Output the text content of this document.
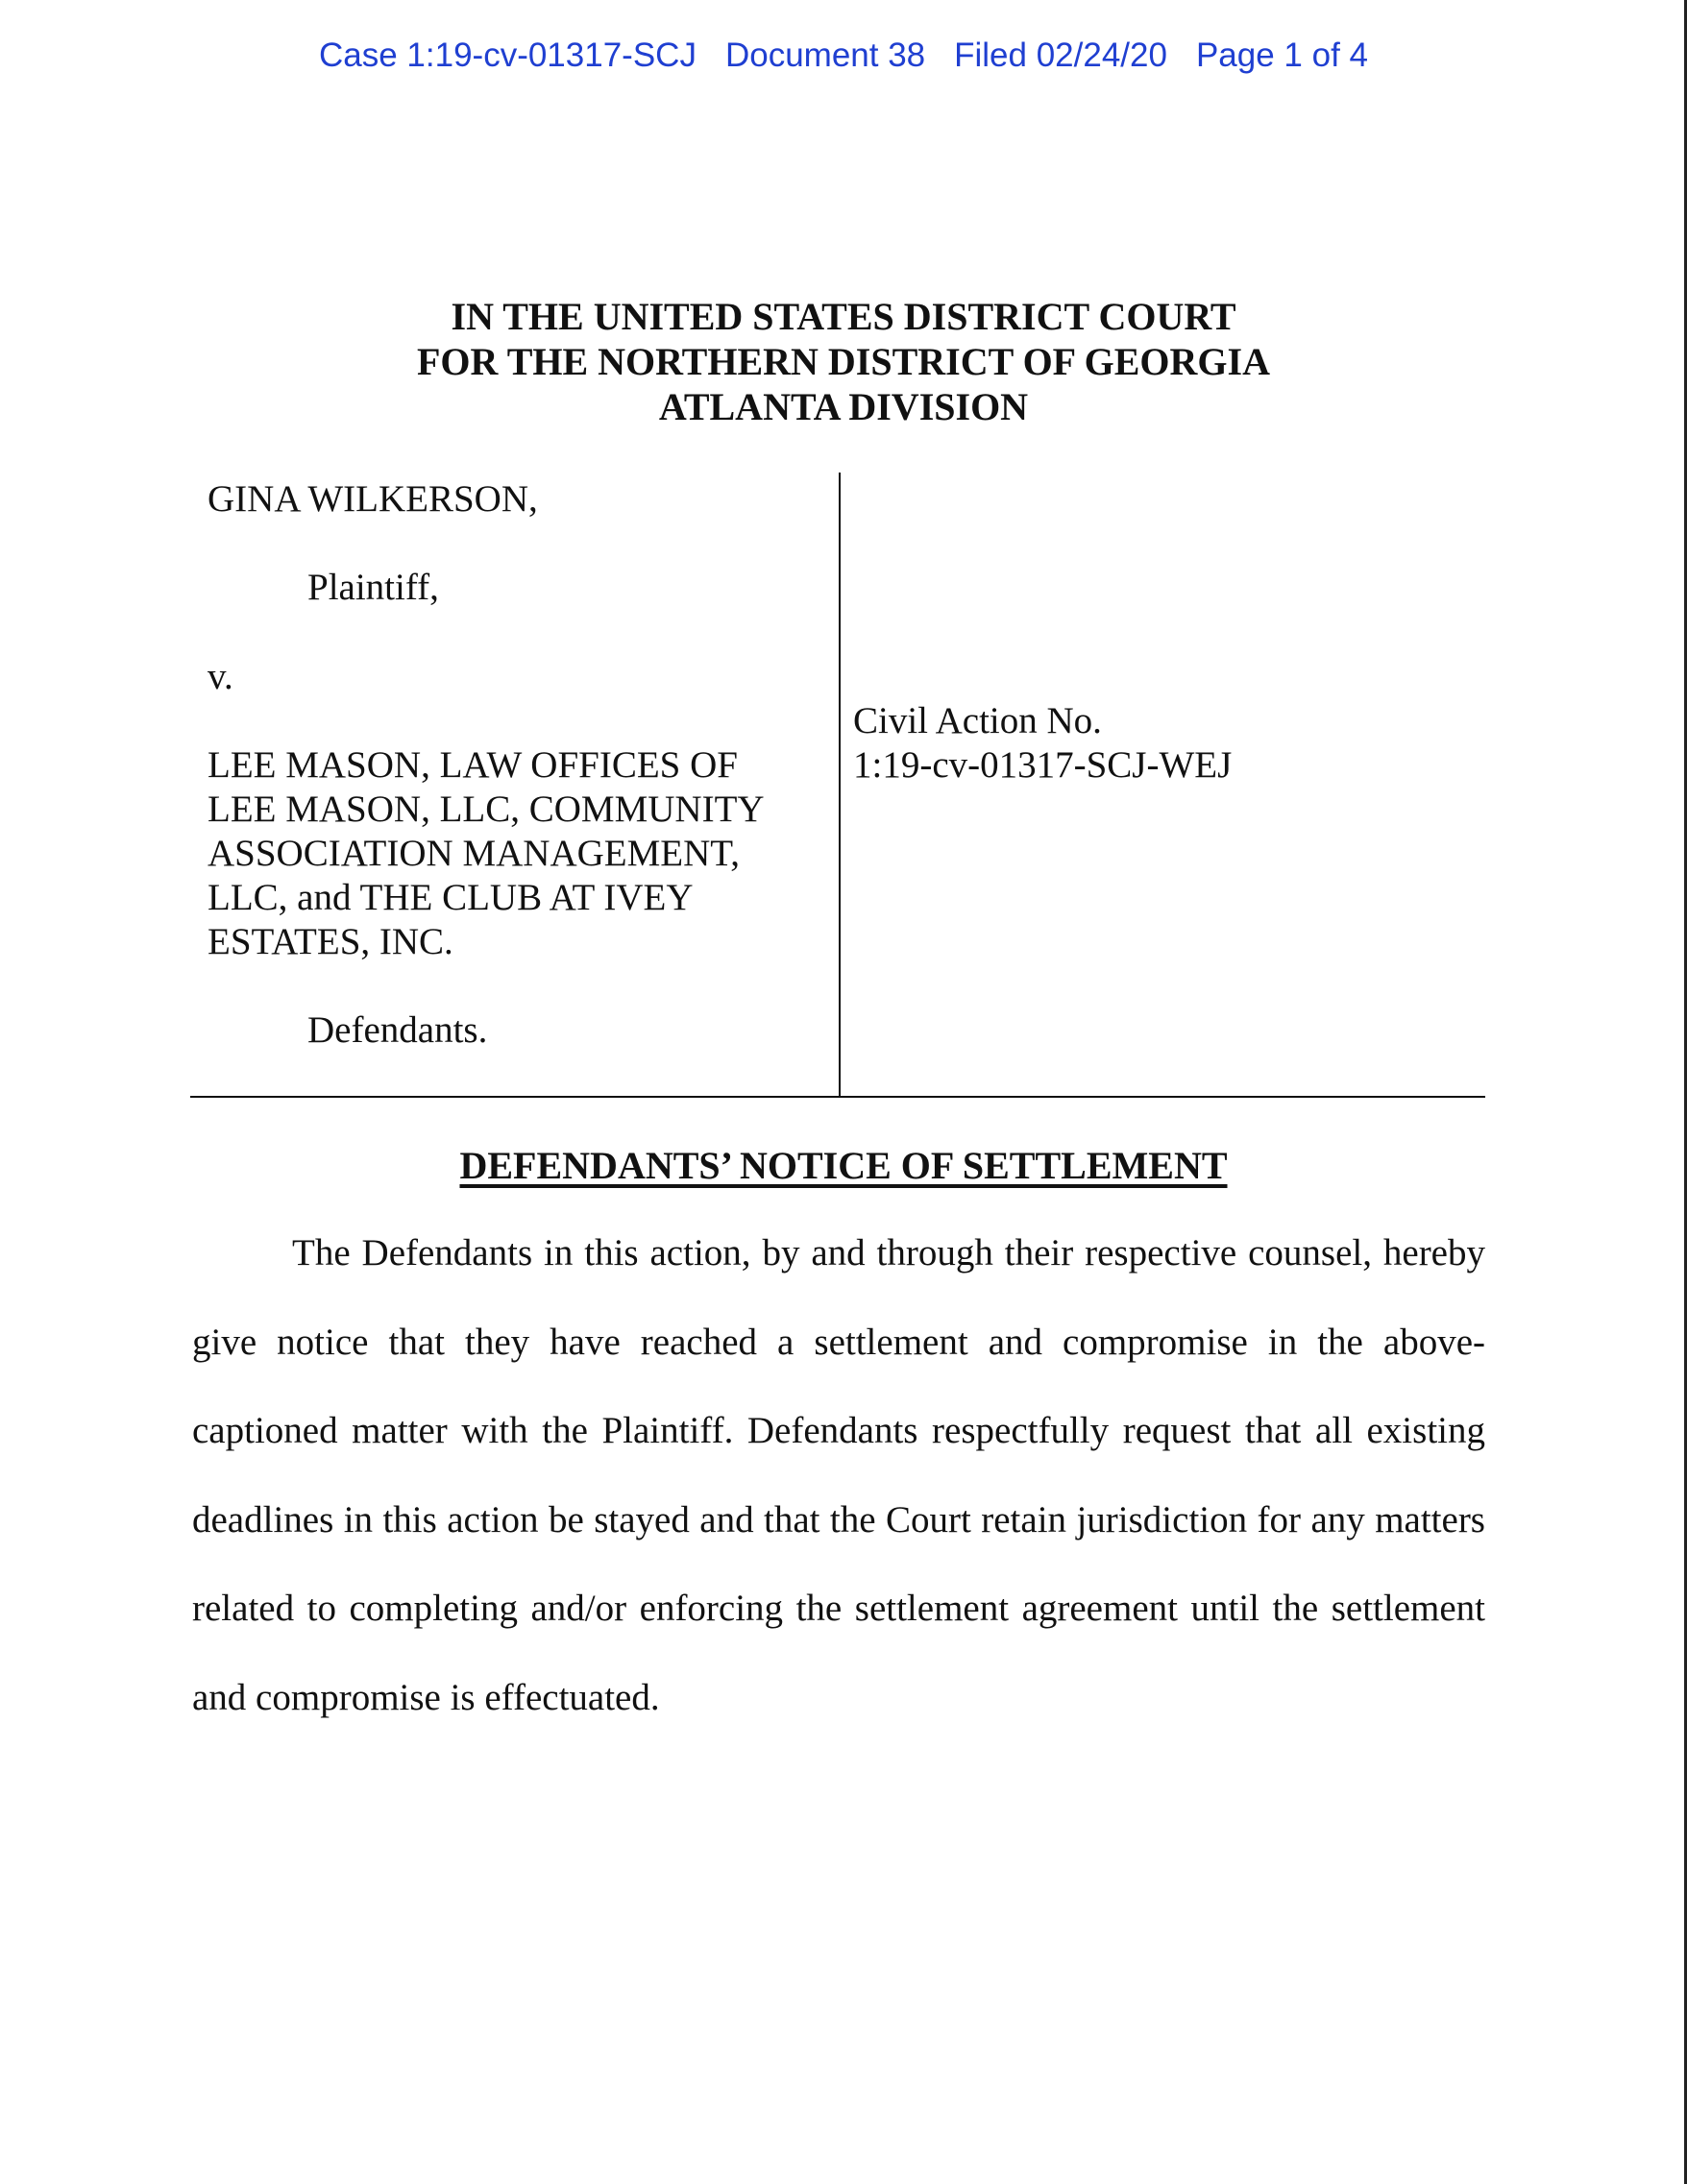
Case 1:19-cv-01317-SCJ Document 38 Filed 02/24/20 Page 1 of 4
IN THE UNITED STATES DISTRICT COURT
FOR THE NORTHERN DISTRICT OF GEORGIA
ATLANTA DIVISION
GINA WILKERSON,
Plaintiff,
v.
LEE MASON, LAW OFFICES OF
LEE MASON, LLC, COMMUNITY
ASSOCIATION MANAGEMENT,
LLC, and THE CLUB AT IVEY
ESTATES, INC.
Defendants.
Civil Action No.
1:19-cv-01317-SCJ-WEJ
DEFENDANTS’ NOTICE OF SETTLEMENT
The Defendants in this action, by and through their respective counsel, hereby
give notice that they have reached a settlement and compromise in the above-
captioned matter with the Plaintiff. Defendants respectfully request that all existing
deadlines in this action be stayed and that the Court retain jurisdiction for any matters
related to completing and/or enforcing the settlement agreement until the settlement
and compromise is effectuated.
